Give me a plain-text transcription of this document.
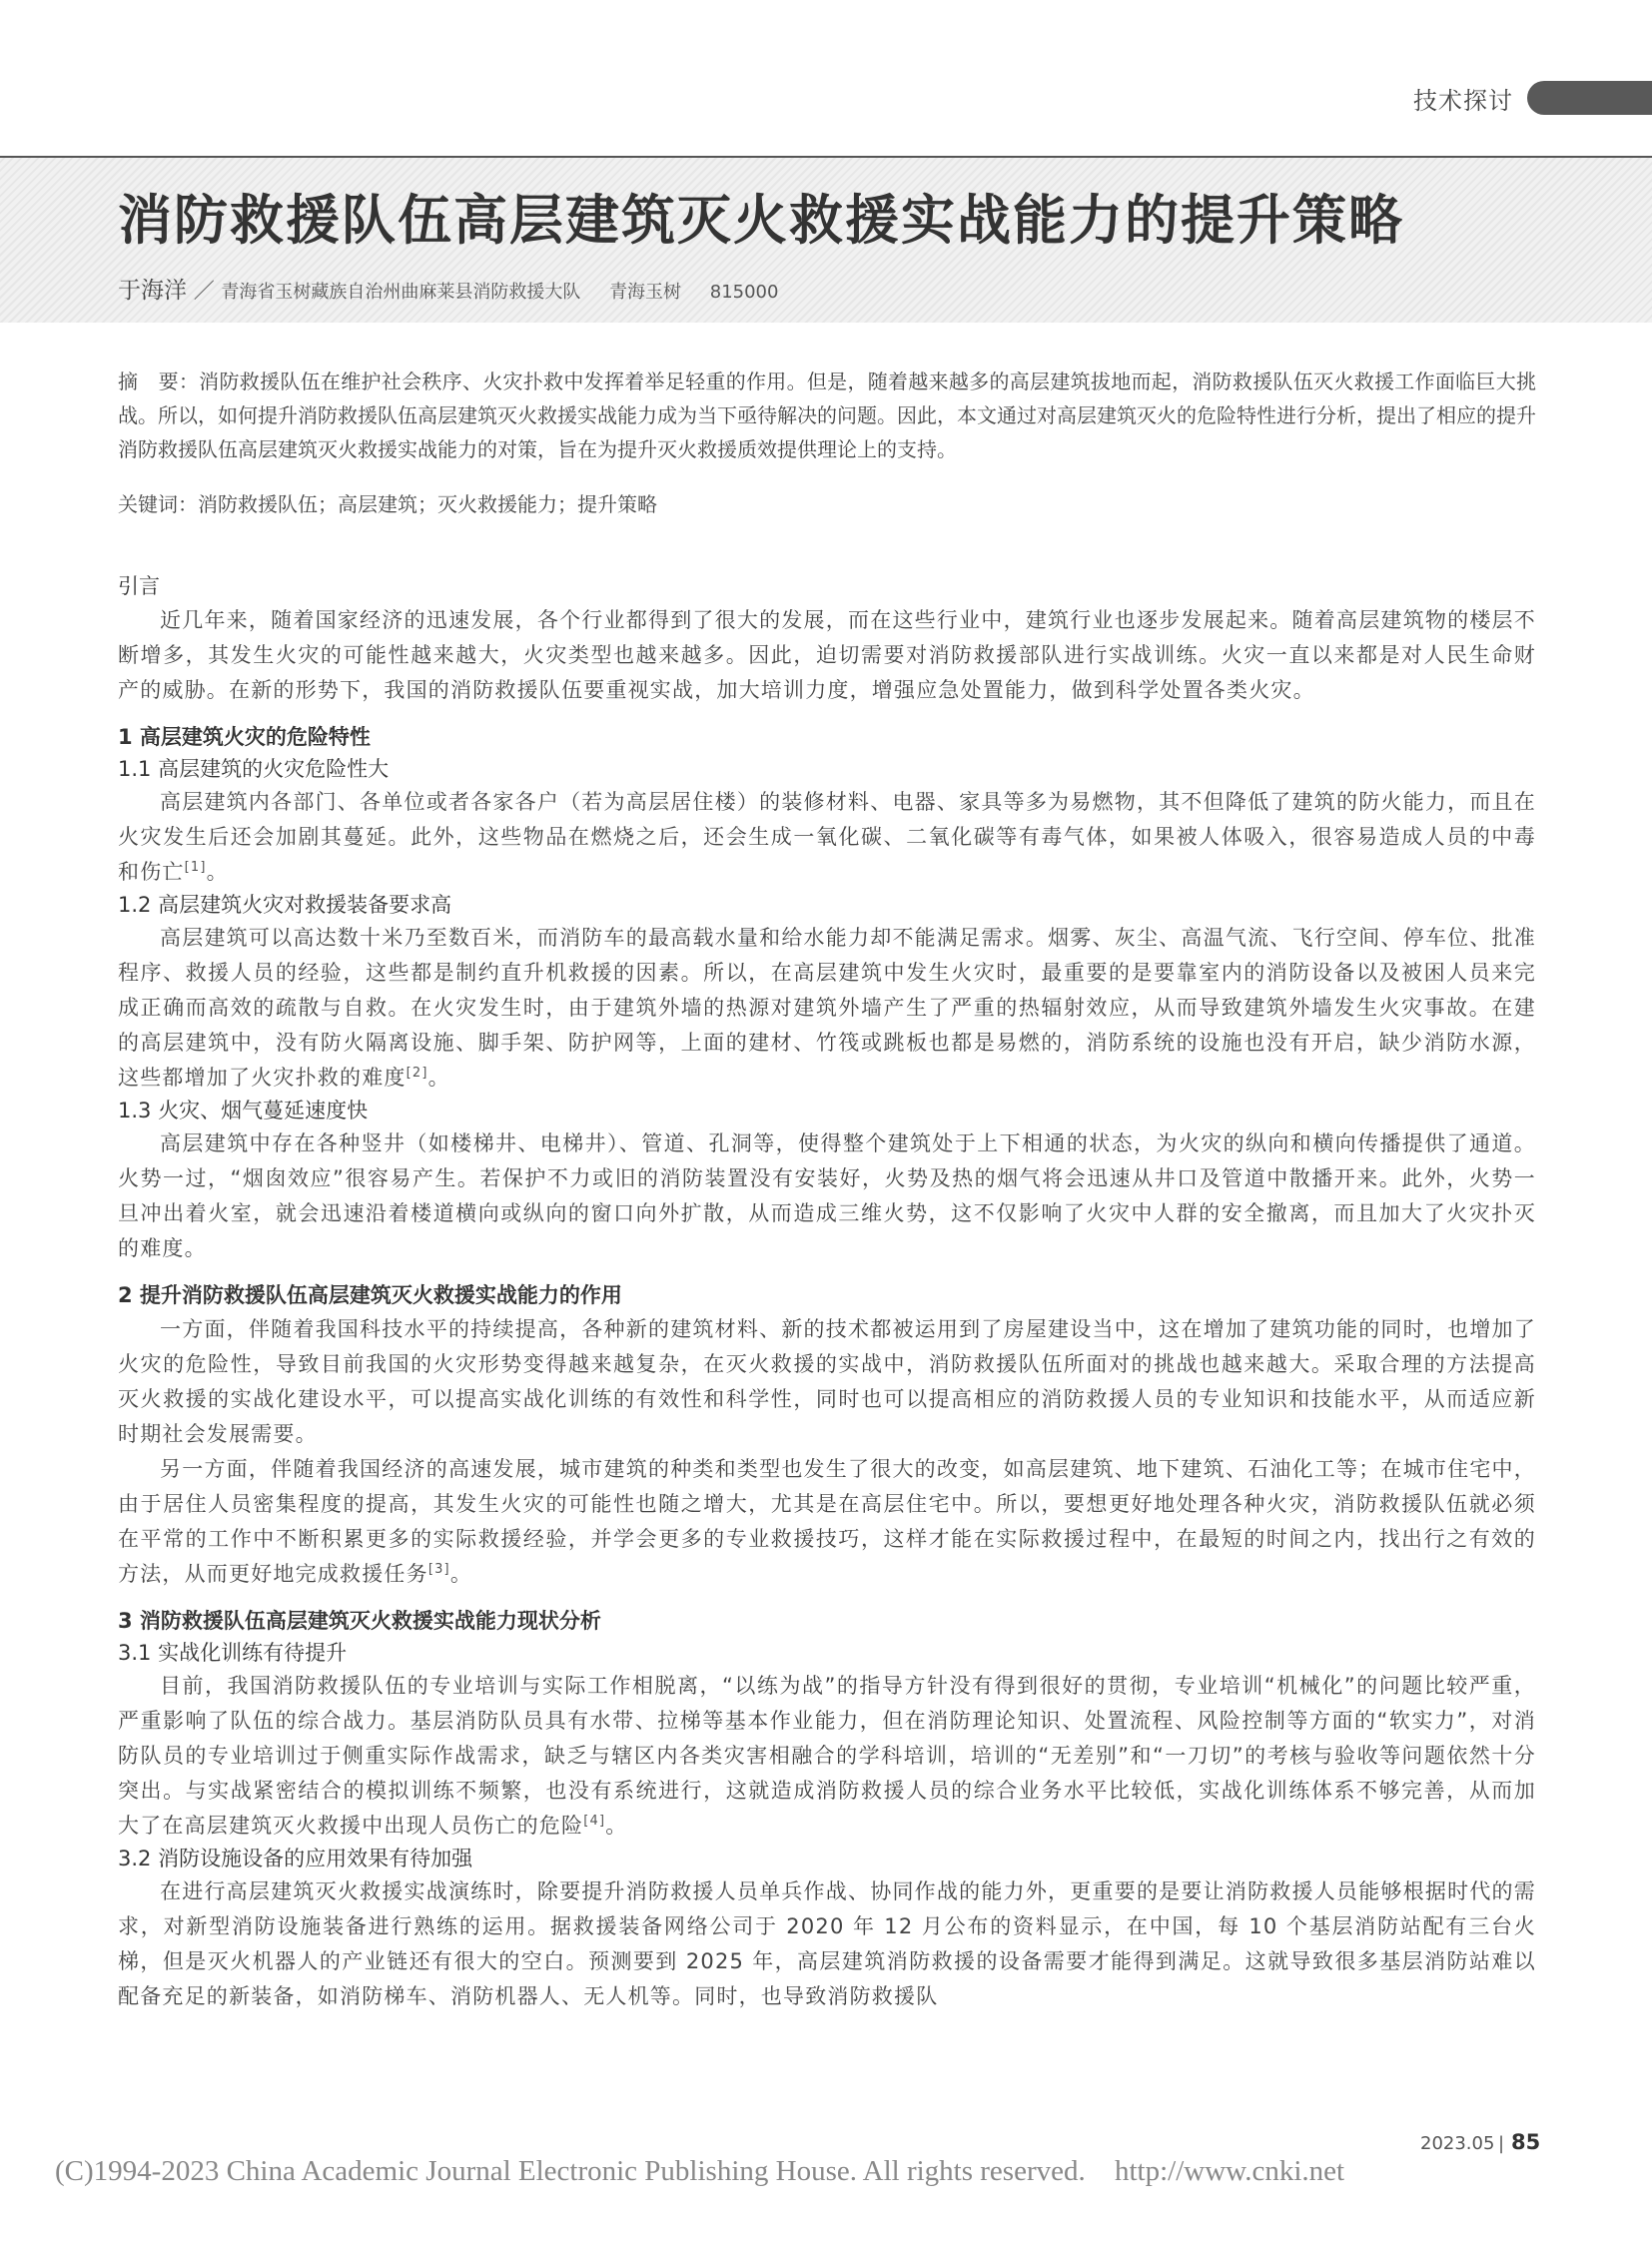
技术探讨
消防救援队伍高层建筑灭火救援实战能力的提升策略
于海洋 ／ 青海省玉树藏族自治州曲麻莱县消防救援大队 青海玉树 815000

摘　要：消防救援队伍在维护社会秩序、火灾扑救中发挥着举足轻重的作用。但是，随着越来越多的高层建筑拔地而起，消防救援队伍灭火救援工作面临巨大挑战。所以，如何提升消防救援队伍高层建筑灭火救援实战能力成为当下亟待解决的问题。因此，本文通过对高层建筑灭火的危险特性进行分析，提出了相应的提升消防救援队伍高层建筑灭火救援实战能力的对策，旨在为提升灭火救援质效提供理论上的支持。

关键词：消防救援队伍；高层建筑；灭火救援能力；提升策略

引言

近几年来，随着国家经济的迅速发展，各个行业都得到了很大的发展，而在这些行业中，建筑行业也逐步发展起来。随着高层建筑物的楼层不断增多，其发生火灾的可能性越来越大，火灾类型也越来越多。因此，迫切需要对消防救援部队进行实战训练。火灾一直以来都是对人民生命财产的威胁。在新的形势下，我国的消防救援队伍要重视实战，加大培训力度，增强应急处置能力，做到科学处置各类火灾。

1 高层建筑火灾的危险特性
1.1 高层建筑的火灾危险性大

高层建筑内各部门、各单位或者各家各户（若为高层居住楼）的装修材料、电器、家具等多为易燃物，其不但降低了建筑的防火能力，而且在火灾发生后还会加剧其蔓延。此外，这些物品在燃烧之后，还会生成一氧化碳、二氧化碳等有毒气体，如果被人体吸入，很容易造成人员的中毒和伤亡[1]。

1.2 高层建筑火灾对救援装备要求高

高层建筑可以高达数十米乃至数百米，而消防车的最高载水量和给水能力却不能满足需求。烟雾、灰尘、高温气流、飞行空间、停车位、批准程序、救援人员的经验，这些都是制约直升机救援的因素。所以，在高层建筑中发生火灾时，最重要的是要靠室内的消防设备以及被困人员来完成正确而高效的疏散与自救。在火灾发生时，由于建筑外墙的热源对建筑外墙产生了严重的热辐射效应，从而导致建筑外墙发生火灾事故。在建的高层建筑中，没有防火隔离设施、脚手架、防护网等，上面的建材、竹筏或跳板也都是易燃的，消防系统的设施也没有开启，缺少消防水源，这些都增加了火灾扑救的难度[2]。

1.3 火灾、烟气蔓延速度快

高层建筑中存在各种竖井（如楼梯井、电梯井）、管道、孔洞等，使得整个建筑处于上下相通的状态，为火灾的纵向和横向传播提供了通道。火势一过，“烟囱效应”很容易产生。若保护不力或旧的消防装置没有安装好，火势及热的烟气将会迅速从井口及管道中散播开来。此外，火势一旦冲出着火室，就会迅速沿着楼道横向或纵向的窗口向外扩散，从而造成三维火势，这不仅影响了火灾中人群的安全撤离，而且加大了火灾扑灭的难度。

2 提升消防救援队伍高层建筑灭火救援实战能力的作用

一方面，伴随着我国科技水平的持续提高，各种新的建筑材料、新的技术都被运用到了房屋建设当中，这在增加了建筑功能的同时，也增加了火灾的危险性，导致目前我国的火灾形势变得越来越复杂，在灭火救援的实战中，消防救援队伍所面对的挑战也越来越大。采取合理的方法提高灭火救援的实战化建设水平，可以提高实战化训练的有效性和科学性，同时也可以提高相应的消防救援人员的专业知识和技能水平，从而适应新时期社会发展需要。

另一方面，伴随着我国经济的高速发展，城市建筑的种类和类型也发生了很大的改变，如高层建筑、地下建筑、石油化工等；在城市住宅中，由于居住人员密集程度的提高，其发生火灾的可能性也随之增大，尤其是在高层住宅中。所以，要想更好地处理各种火灾，消防救援队伍就必须在平常的工作中不断积累更多的实际救援经验，并学会更多的专业救援技巧，这样才能在实际救援过程中，在最短的时间之内，找出行之有效的方法，从而更好地完成救援任务[3]。

3 消防救援队伍高层建筑灭火救援实战能力现状分析
3.1 实战化训练有待提升

目前，我国消防救援队伍的专业培训与实际工作相脱离，“以练为战”的指导方针没有得到很好的贯彻，专业培训“机械化”的问题比较严重，严重影响了队伍的综合战力。基层消防队员具有水带、拉梯等基本作业能力，但在消防理论知识、处置流程、风险控制等方面的“软实力”，对消防队员的专业培训过于侧重实际作战需求，缺乏与辖区内各类灾害相融合的学科培训，培训的“无差别”和“一刀切”的考核与验收等问题依然十分突出。与实战紧密结合的模拟训练不频繁，也没有系统进行，这就造成消防救援人员的综合业务水平比较低，实战化训练体系不够完善，从而加大了在高层建筑灭火救援中出现人员伤亡的危险[4]。

3.2 消防设施设备的应用效果有待加强

在进行高层建筑灭火救援实战演练时，除要提升消防救援人员单兵作战、协同作战的能力外，更重要的是要让消防救援人员能够根据时代的需求，对新型消防设施装备进行熟练的运用。据救援装备网络公司于 2020 年 12 月公布的资料显示，在中国，每 10 个基层消防站配有三台火梯，但是灭火机器人的产业链还有很大的空白。预测要到 2025 年，高层建筑消防救援的设备需要才能得到满足。这就导致很多基层消防站难以配备充足的新装备，如消防梯车、消防机器人、无人机等。同时，也导致消防救援队

2023.05 | 85
(C)1994-2023 China Academic Journal Electronic Publishing House. All rights reserved. http://www.cnki.net
